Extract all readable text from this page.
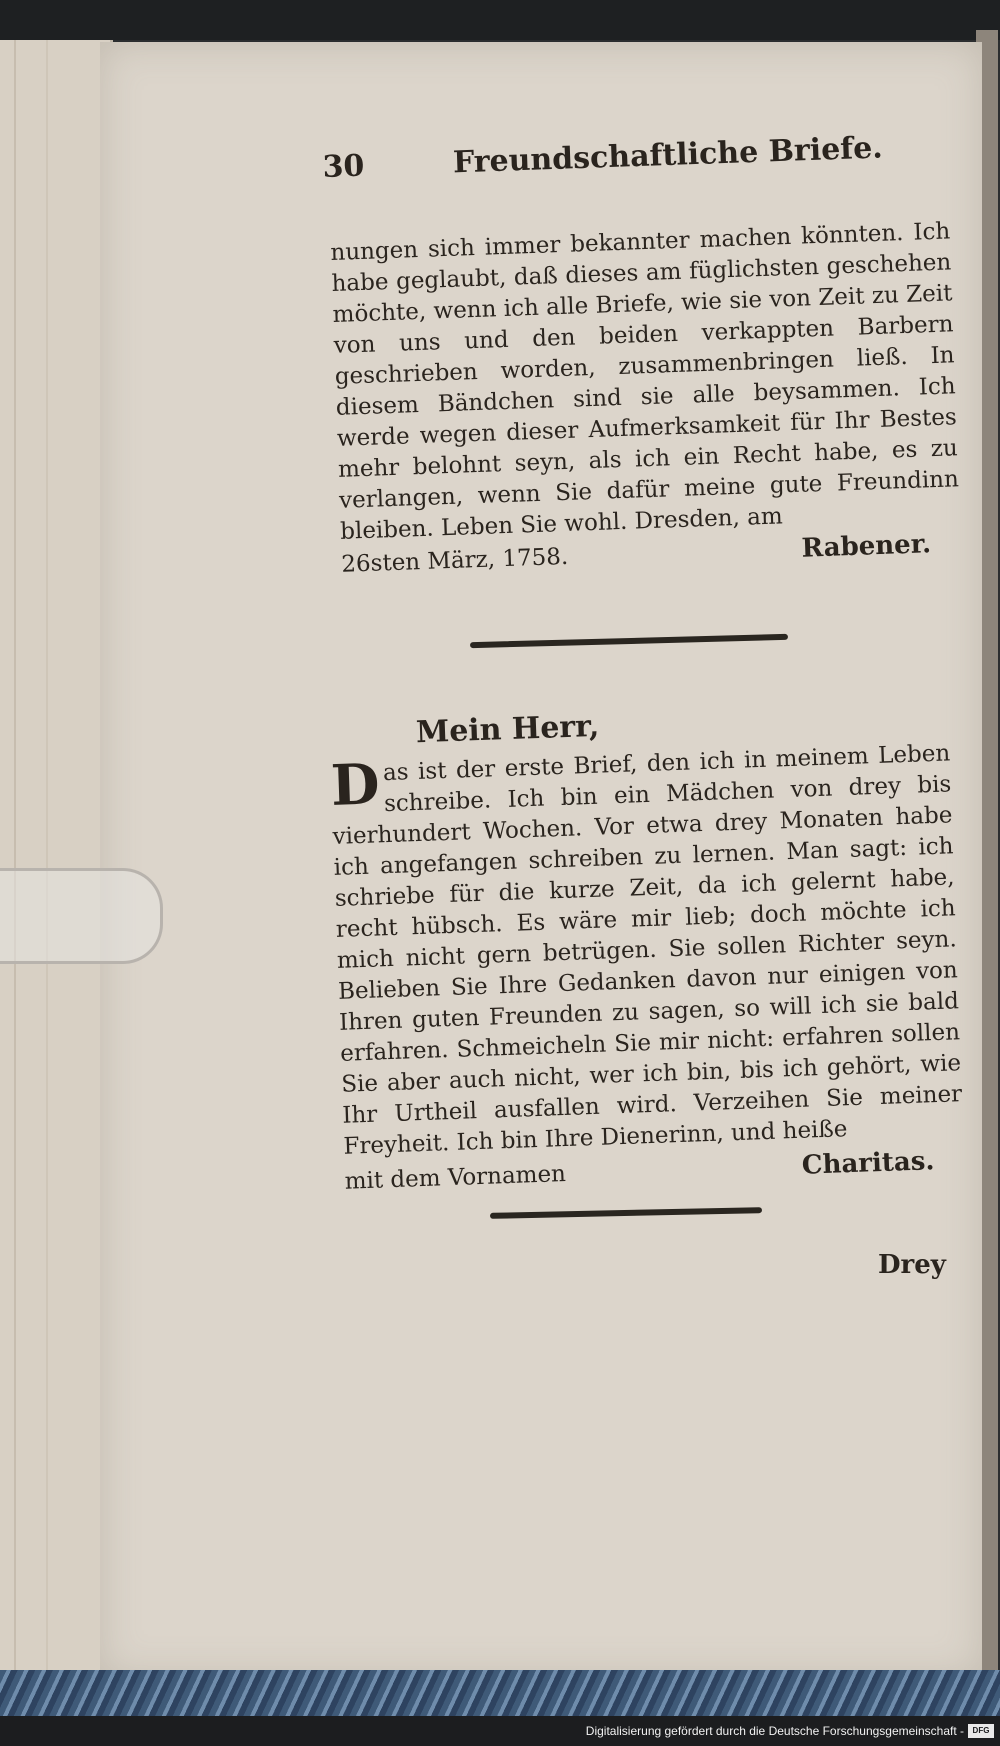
30	Freundschaftliche Briefe.

nungen sich immer bekannter machen könnten. Ich habe geglaubt, daß dieses am füglichsten geschehen möchte, wenn ich alle Briefe, wie sie von Zeit zu Zeit von uns und den beiden verkappten Barbern geschrieben worden, zusammenbringen ließ. In diesem Bändchen sind sie alle beysammen. Ich werde wegen dieser Aufmerksamkeit für Ihr Bestes mehr belohnt seyn, als ich ein Recht habe, es zu verlangen, wenn Sie dafür meine gute Freundinn bleiben. Leben Sie wohl. Dresden, am

26sten März, 1758.	Rabener.
Mein Herr,

Das ist der erste Brief, den ich in meinem Leben schreibe. Ich bin ein Mädchen von drey bis vierhundert Wochen. Vor etwa drey Monaten habe ich angefangen schreiben zu lernen. Man sagt: ich schriebe für die kurze Zeit, da ich gelernt habe, recht hübsch. Es wäre mir lieb; doch möchte ich mich nicht gern betrügen. Sie sollen Richter seyn. Belieben Sie Ihre Gedanken davon nur einigen von Ihren guten Freunden zu sagen, so will ich sie bald erfahren. Schmeicheln Sie mir nicht: erfahren sollen Sie aber auch nicht, wer ich bin, bis ich gehört, wie Ihr Urtheil ausfallen wird. Verzeihen Sie meiner Freyheit. Ich bin Ihre Dienerinn, und heiße

mit dem Vornamen	Charitas.
Drey
Digitalisierung gefördert durch die Deutsche Forschungsgemeinschaft -	DFG
